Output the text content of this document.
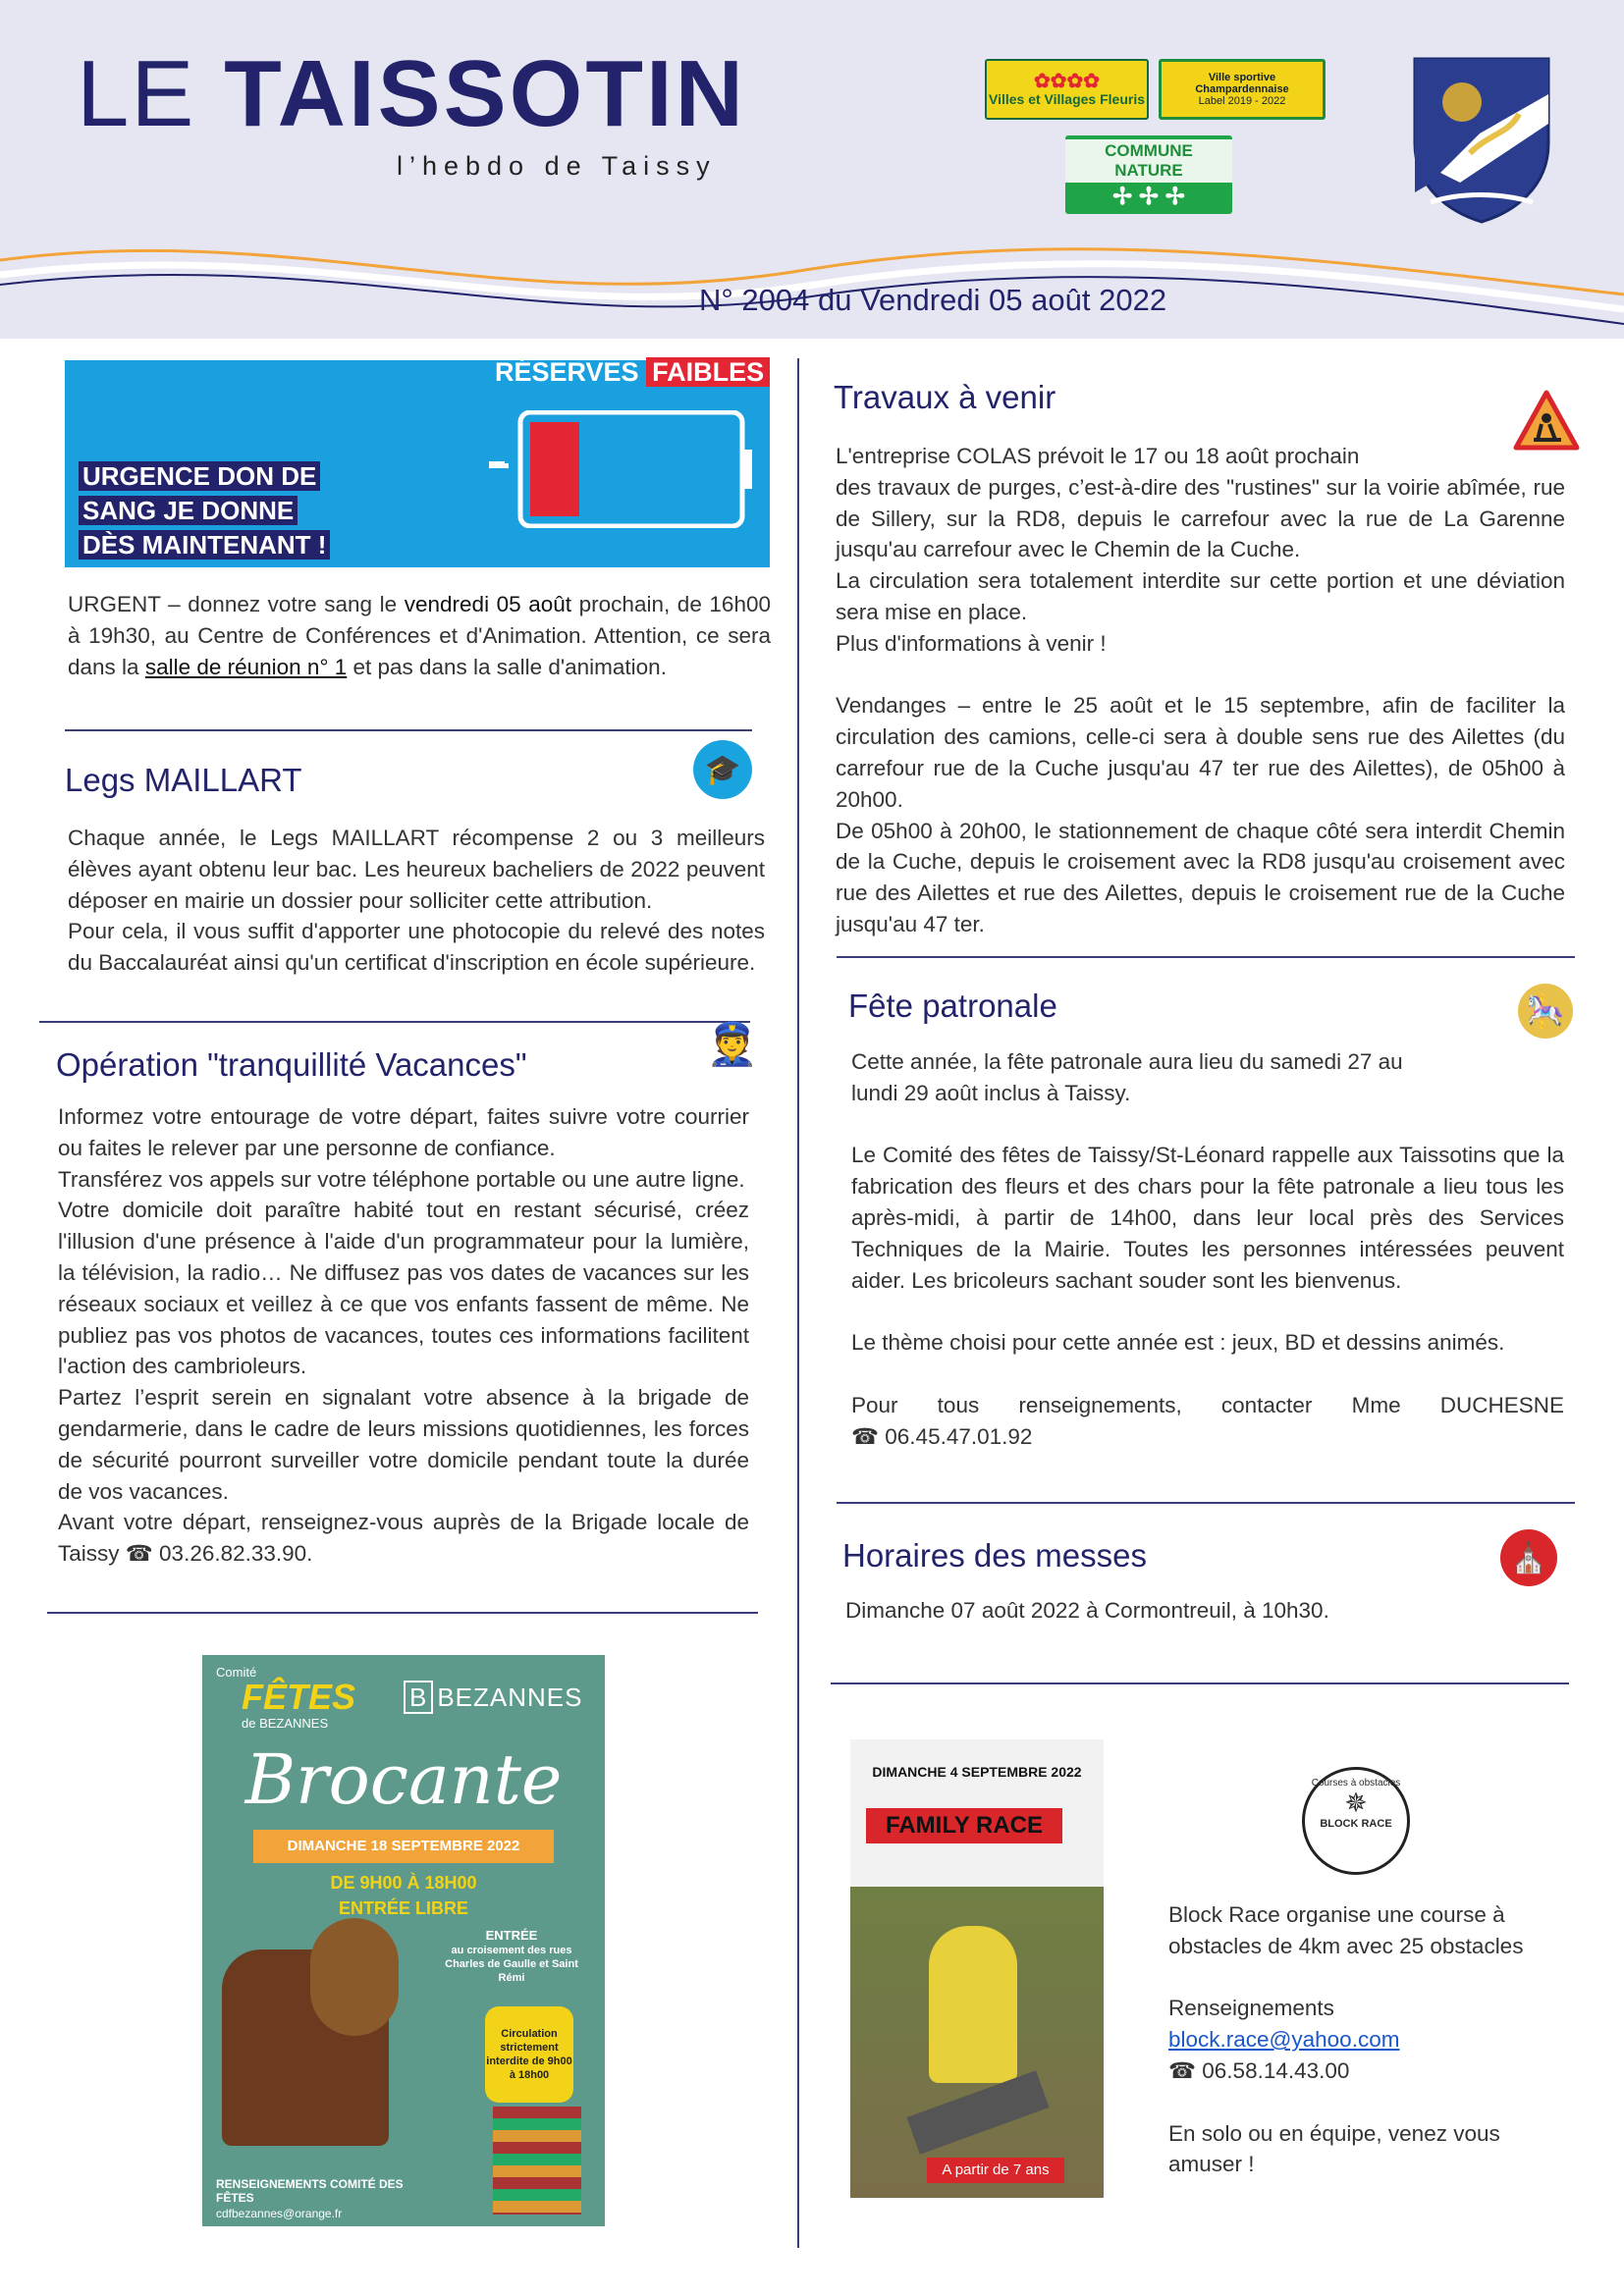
LE TAISSOTIN
l’hebdo de Taissy
N° 2004 du Vendredi 05 août 2022
✿✿✿✿
Villes et Villages Fleuris
Ville sportive Champardennaise
Label 2019 - 2022
COMMUNE NATURE
✢ ✢ ✢
RÉSERVES FAIBLES
URGENCE DON DE SANG JE DONNE DÈS MAINTENANT !

URGENT – donnez votre sang le vendredi 05 août prochain, de 16h00 à 19h30, au Centre de Conférences et d'Animation. Attention, ce sera dans la salle de réunion n° 1 et pas dans la salle d'animation.

Legs MAILLART	🎓

Chaque année, le Legs MAILLART récompense 2 ou 3 meilleurs élèves ayant obtenu leur bac. Les heureux bacheliers de 2022 peuvent déposer en mairie un dossier pour solliciter cette attribution.

Pour cela, il vous suffit d'apporter une photocopie du relevé des notes du Baccalauréat ainsi qu'un certificat d'inscription en école supérieure.

Opération "tranquillité Vacances"	👮

Informez votre entourage de votre départ, faites suivre votre courrier ou faites le relever par une personne de confiance.

Transférez vos appels sur votre téléphone portable ou une autre ligne.

Votre domicile doit paraître habité tout en restant sécurisé, créez l'illusion d'une présence à l'aide d'un programmateur pour la lumière, la télévision, la radio… Ne diffusez pas vos dates de vacances sur les réseaux sociaux et veillez à ce que vos enfants fassent de même. Ne publiez pas vos photos de vacances, toutes ces informations facilitent l'action des cambrioleurs.

Partez l’esprit serein en signalant votre absence à la brigade de gendarmerie, dans le cadre de leurs missions quotidiennes, les forces de sécurité pourront surveiller votre domicile pendant toute la durée de vos vacances.

Avant votre départ, renseignez-vous auprès de la Brigade locale de Taissy ☎ 03.26.82.33.90.

Comité
FÊTES
de BEZANNES
B BEZANNES
Brocante
DIMANCHE 18 SEPTEMBRE 2022
DE 9H00 À 18H00
ENTRÉE LIBRE
ENTRÉE
au croisement des rues Charles de Gaulle et Saint Rémi
Circulation strictement interdite de 9h00 à 18h00
RENSEIGNEMENTS COMITÉ DES FÊTES
cdfbezannes@orange.fr
Travaux à venir

L'entreprise COLAS prévoit le 17 ou 18 août prochain

des travaux de purges, c’est-à-dire des "rustines" sur la voirie abîmée, rue de Sillery, sur la RD8, depuis le carrefour avec la rue de La Garenne jusqu'au carrefour avec le Chemin de la Cuche.

La circulation sera totalement interdite sur cette portion et une déviation sera mise en place.

Plus d'informations à venir !

Vendanges – entre le 25 août et le 15 septembre, afin de faciliter la circulation des camions, celle-ci sera à double sens rue des Ailettes (du carrefour rue de la Cuche jusqu'au 47 ter rue des Ailettes), de 05h00 à 20h00.

De 05h00 à 20h00, le stationnement de chaque côté sera interdit Chemin de la Cuche, depuis le croisement avec la RD8 jusqu'au croisement avec rue des Ailettes et rue des Ailettes, depuis le croisement rue de la Cuche jusqu'au 47 ter.

Fête patronale	🎠

Cette année, la fête patronale aura lieu du samedi 27 au

lundi 29 août inclus à Taissy.

Le Comité des fêtes de Taissy/St-Léonard rappelle aux Taissotins que la fabrication des fleurs et des chars pour la fête patronale a lieu tous les après-midi, à partir de 14h00, dans leur local près des Services Techniques de la Mairie. Toutes les personnes intéressées peuvent aider. Les bricoleurs sachant souder sont les bienvenus.

Le thème choisi pour cette année est : jeux, BD et dessins animés.

Pour tous renseignements, contacter Mme DUCHESNE

☎ 06.45.47.01.92

Horaires des messes	⛪
Dimanche 07 août 2022 à Cormontreuil, à 10h30.
DIMANCHE 4 SEPTEMBRE 2022
FAMILY RACE
A partir de 7 ans
Courses à obstacles
✵
BLOCK RACE

Block Race organise une course à obstacles de 4km avec 25 obstacles

Renseignements

block.race@yahoo.com

☎ 06.58.14.43.00

En solo ou en équipe, venez vous amuser !
